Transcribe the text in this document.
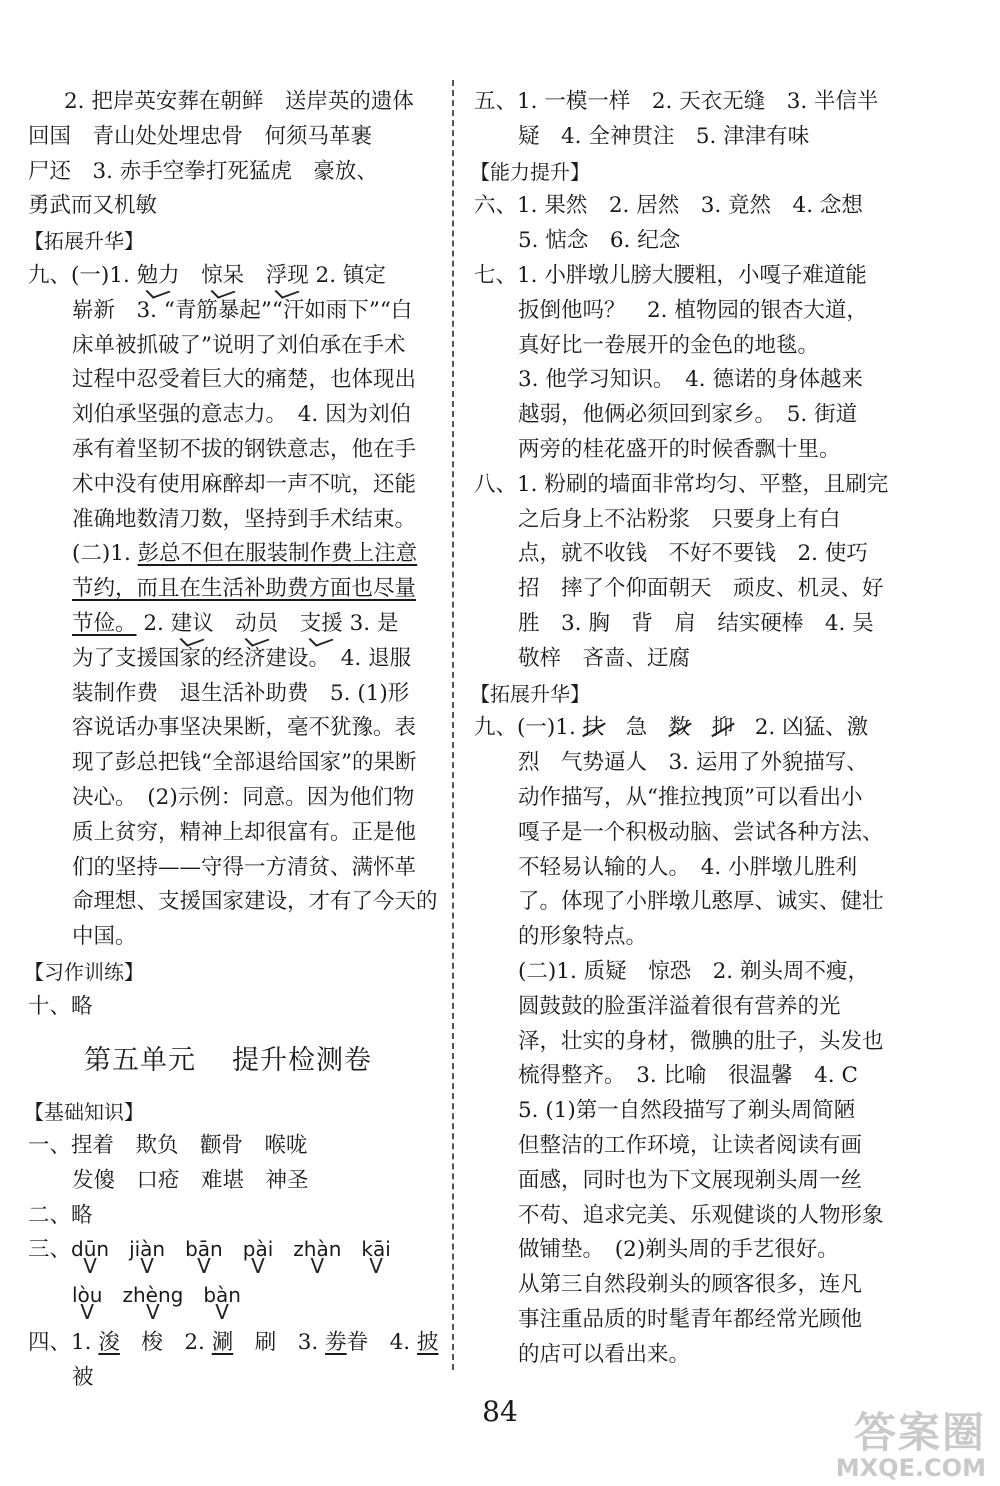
2. 把岸英安葬在朝鲜　送岸英的遗体
回国　青山处处埋忠骨　何须马革裹
尸还　3. 赤手空拳打死猛虎　豪放、
勇武而又机敏
【拓展升华】
九、(一)1. 勉力　 惊呆　 浮现 2. 镇定
崭新　3. “青筋暴起”“汗如雨下”“白
床单被抓破了”说明了刘伯承在手术
过程中忍受着巨大的痛楚，也体现出
刘伯承坚强的意志力。　4. 因为刘伯
承有着坚韧不拔的钢铁意志，他在手
术中没有使用麻醉却一声不吭，还能
准确地数清刀数，坚持到手术结束。
(二)1. 彭总不但在服装制作费上注意
节约，而且在生活补助费方面也尽量
节俭。 2. 建议　 动员　 支援 3. 是
为了支援国家的经济建设。　4. 退服
装制作费　退生活补助费　5. (1)形
容说话办事坚决果断，毫不犹豫。表
现了彭总把钱“全部退给国家”的果断
决心。　(2)示例：同意。因为他们物
质上贫穷，精神上却很富有。正是他
们的坚持——守得一方清贫、满怀革
命理想、支援国家建设，才有了今天的
中国。
【习作训练】
十、略
第五单元 提升检测卷
【基础知识】
一、捏着　欺负　颧骨　喉咙
发傻　口疮　难堪　神圣
二、略
三、dūn V jiàn V bān V pài V zhàn V kāi V
lòu V zhèng V bàn V
四、1. 浚　梭　2. 涮　刷　3. 劵眷　4. 披
被
五、1. 一模一样　2. 天衣无缝　3. 半信半
疑　4. 全神贯注　5. 津津有味
【能力提升】
六、1. 果然　2. 居然　3. 竟然　4. 念想
5. 惦念　6. 纪念
七、1. 小胖墩儿膀大腰粗，小嘎子难道能
扳倒他吗？　2. 植物园的银杏大道，
真好比一卷展开的金色的地毯。
3. 他学习知识。　4. 德诺的身体越来
越弱，他俩必须回到家乡。　5. 街道
两旁的桂花盛开的时候香飘十里。
八、1. 粉刷的墙面非常均匀、平整，且刷完
之后身上不沾粉浆　只要身上有白
点，就不收钱　不好不要钱　2. 使巧
招　摔了个仰面朝天　顽皮、机灵、好
胜　3. 胸　背　肩　结实硬棒　4. 吴
敬梓　吝啬、迂腐
【拓展升华】
九、(一)1. 扶　 急　 数　 抑　2. 凶猛、激
烈　气势逼人　3. 运用了外貌描写、
动作描写，从“推拉拽顶”可以看出小
嘎子是一个积极动脑、尝试各种方法、
不轻易认输的人。　4. 小胖墩儿胜利
了。体现了小胖墩儿憨厚、诚实、健壮
的形象特点。
(二)1. 质疑　惊恐　2. 剃头周不瘦，
圆鼓鼓的脸蛋洋溢着很有营养的光
泽，壮实的身材，微腆的肚子，头发也
梳得整齐。　3. 比喻　很温馨　4. C
5. (1)第一自然段描写了剃头周简陋
但整洁的工作环境，让读者阅读有画
面感，同时也为下文展现剃头周一丝
不苟、追求完美、乐观健谈的人物形象
做铺垫。　(2)剃头周的手艺很好。
从第三自然段剃头的顾客很多，连凡
事注重品质的时髦青年都经常光顾他
的店可以看出来。
84	答案圈
MXQE.COM
